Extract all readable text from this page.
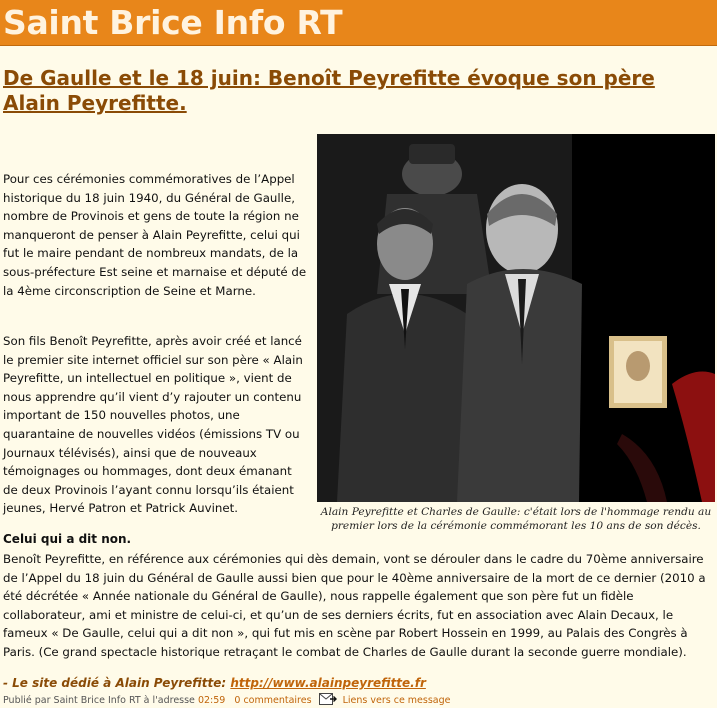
Saint Brice Info RT
De Gaulle et le 18 juin: Benoît Peyrefitte évoque son père Alain Peyrefitte.
Alain Peyrefitte et Charles de Gaulle: c'était lors de l'hommage rendu au premier lors de la cérémonie commémorant les 10 ans de son décès.

Pour ces cérémonies commémoratives de l’Appel historique du 18 juin 1940, du Général de Gaulle, nombre de Provinois et gens de toute la région ne manqueront de penser à Alain Peyrefitte, celui qui fut le maire pendant de nombreux mandats, de la sous-préfecture Est seine et marnaise et député de la 4ème circonscription de Seine et Marne.

Son fils Benoît Peyrefitte, après avoir créé et lancé le premier site internet officiel sur son père « Alain Peyrefitte, un intellectuel en politique », vient de nous apprendre qu’il vient d’y rajouter un contenu important de 150 nouvelles photos, une quarantaine de nouvelles vidéos (émissions TV ou Journaux télévisés), ainsi que de nouveaux témoignages ou hommages, dont deux émanant de deux Provinois l’ayant connu lorsqu’ils étaient jeunes, Hervé Patron et Patrick Auvinet.

Celui qui a dit non.

Benoît Peyrefitte, en référence aux cérémonies qui dès demain, vont se dérouler dans le cadre du 70ème anniversaire de l’Appel du 18 juin du Général de Gaulle aussi bien que pour le 40ème anniversaire de la mort de ce dernier (2010 a été décrétée « Année nationale du Général de Gaulle), nous rappelle également que son père fut un fidèle collaborateur, ami et ministre de celui-ci, et qu’un de ses derniers écrits, fut en association avec Alain Decaux, le fameux « De Gaulle, celui qui a dit non », qui fut mis en scène par Robert Hossein en 1999, au Palais des Congrès à Paris. (Ce grand spectacle historique retraçant le combat de Charles de Gaulle durant la seconde guerre mondiale).

- Le site dédié à Alain Peyrefitte: http://www.alainpeyrefitte.fr
Publié par Saint Brice Info RT à l'adresse 02:59 0 commentaires	Liens vers ce message
